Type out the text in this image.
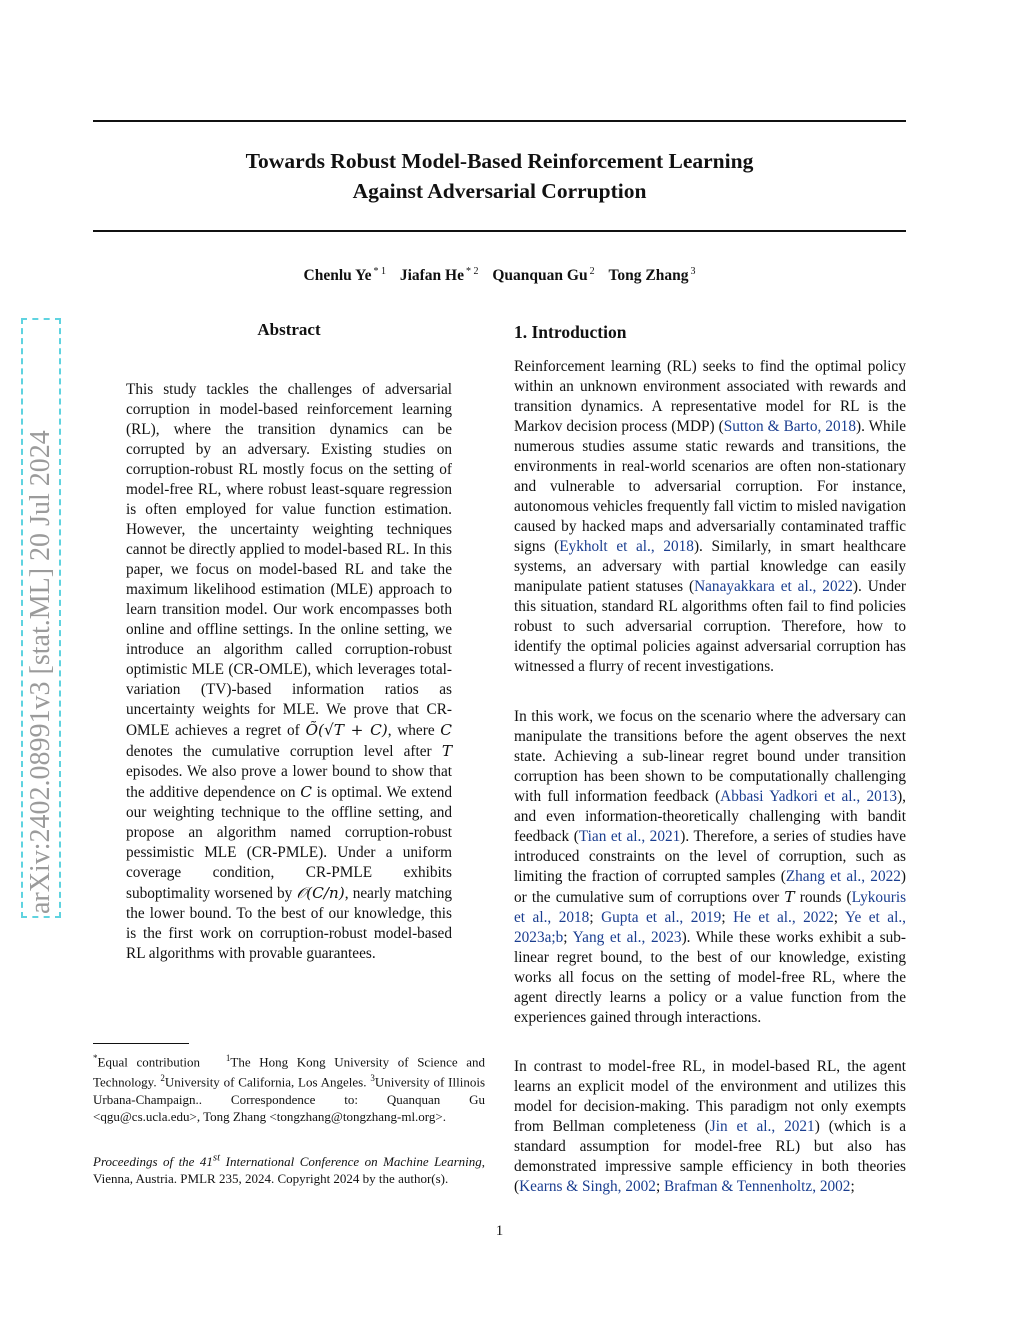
Towards Robust Model-Based Reinforcement Learning
Against Adversarial Corruption
Chenlu Ye $^{* 1}$ Jiafan He $^{* 2}$ Quanquan Gu $^2$ Tong Zhang $^3$
arXiv:2402.08991v3 [stat.ML] 20 Jul 2024
Abstract

This study tackles the challenges of adversarial corruption in model-based reinforcement learning (RL), where the transition dynamics can be corrupted by an adversary. Existing studies on corruption-robust RL mostly focus on the setting of model-free RL, where robust least-square regression is often employed for value function estimation. However, the uncertainty weighting techniques cannot be directly applied to model-based RL. In this paper, we focus on model-based RL and take the maximum likelihood estimation (MLE) approach to learn transition model. Our work encompasses both online and offline settings. In the online setting, we introduce an algorithm called corruption-robust optimistic MLE (CR-OMLE), which leverages total-variation (TV)-based information ratios as uncertainty weights for MLE. We prove that CR-OMLE achieves a regret of Õ(√T + C), where C denotes the cumulative corruption level after T episodes. We also prove a lower bound to show that the additive dependence on C is optimal. We extend our weighting technique to the offline setting, and propose an algorithm named corruption-robust pessimistic MLE (CR-PMLE). Under a uniform coverage condition, CR-PMLE exhibits suboptimality worsened by 𝒪(C/n), nearly matching the lower bound. To the best of our knowledge, this is the first work on corruption-robust model-based RL algorithms with provable guarantees.

*Equal contribution	$^1$The Hong Kong University of Science and Technology. $^2$University of California, Los Angeles. $^3$University of Illinois Urbana-Champaign.. Correspondence to: Quanquan Gu <qgu@cs.ucla.edu>, Tong Zhang <tongzhang@tongzhang-ml.org>.

Proceedings of the 41st International Conference on Machine Learning, Vienna, Austria. PMLR 235, 2024. Copyright 2024 by the author(s).

1. Introduction

Reinforcement learning (RL) seeks to find the optimal policy within an unknown environment associated with rewards and transition dynamics. A representative model for RL is the Markov decision process (MDP) (Sutton & Barto, 2018). While numerous studies assume static rewards and transitions, the environments in real-world scenarios are often non-stationary and vulnerable to adversarial corruption. For instance, autonomous vehicles frequently fall victim to misled navigation caused by hacked maps and adversarially contaminated traffic signs (Eykholt et al., 2018). Similarly, in smart healthcare systems, an adversary with partial knowledge can easily manipulate patient statuses (Nanayakkara et al., 2022). Under this situation, standard RL algorithms often fail to find policies robust to such adversarial corruption. Therefore, how to identify the optimal policies against adversarial corruption has witnessed a flurry of recent investigations.

In this work, we focus on the scenario where the adversary can manipulate the transitions before the agent observes the next state. Achieving a sub-linear regret bound under transition corruption has been shown to be computationally challenging with full information feedback (Abbasi Yadkori et al., 2013), and even information-theoretically challenging with bandit feedback (Tian et al., 2021). Therefore, a series of studies have introduced constraints on the level of corruption, such as limiting the fraction of corrupted samples (Zhang et al., 2022) or the cumulative sum of corruptions over T rounds (Lykouris et al., 2018; Gupta et al., 2019; He et al., 2022; Ye et al., 2023a;b; Yang et al., 2023). While these works exhibit a sub-linear regret bound, to the best of our knowledge, existing works all focus on the setting of model-free RL, where the agent directly learns a policy or a value function from the experiences gained through interactions.

In contrast to model-free RL, in model-based RL, the agent learns an explicit model of the environment and utilizes this model for decision-making. This paradigm not only exempts from Bellman completeness (Jin et al., 2021) (which is a standard assumption for model-free RL) but also has demonstrated impressive sample efficiency in both theories (Kearns & Singh, 2002; Brafman & Tennenholtz, 2002;

1
